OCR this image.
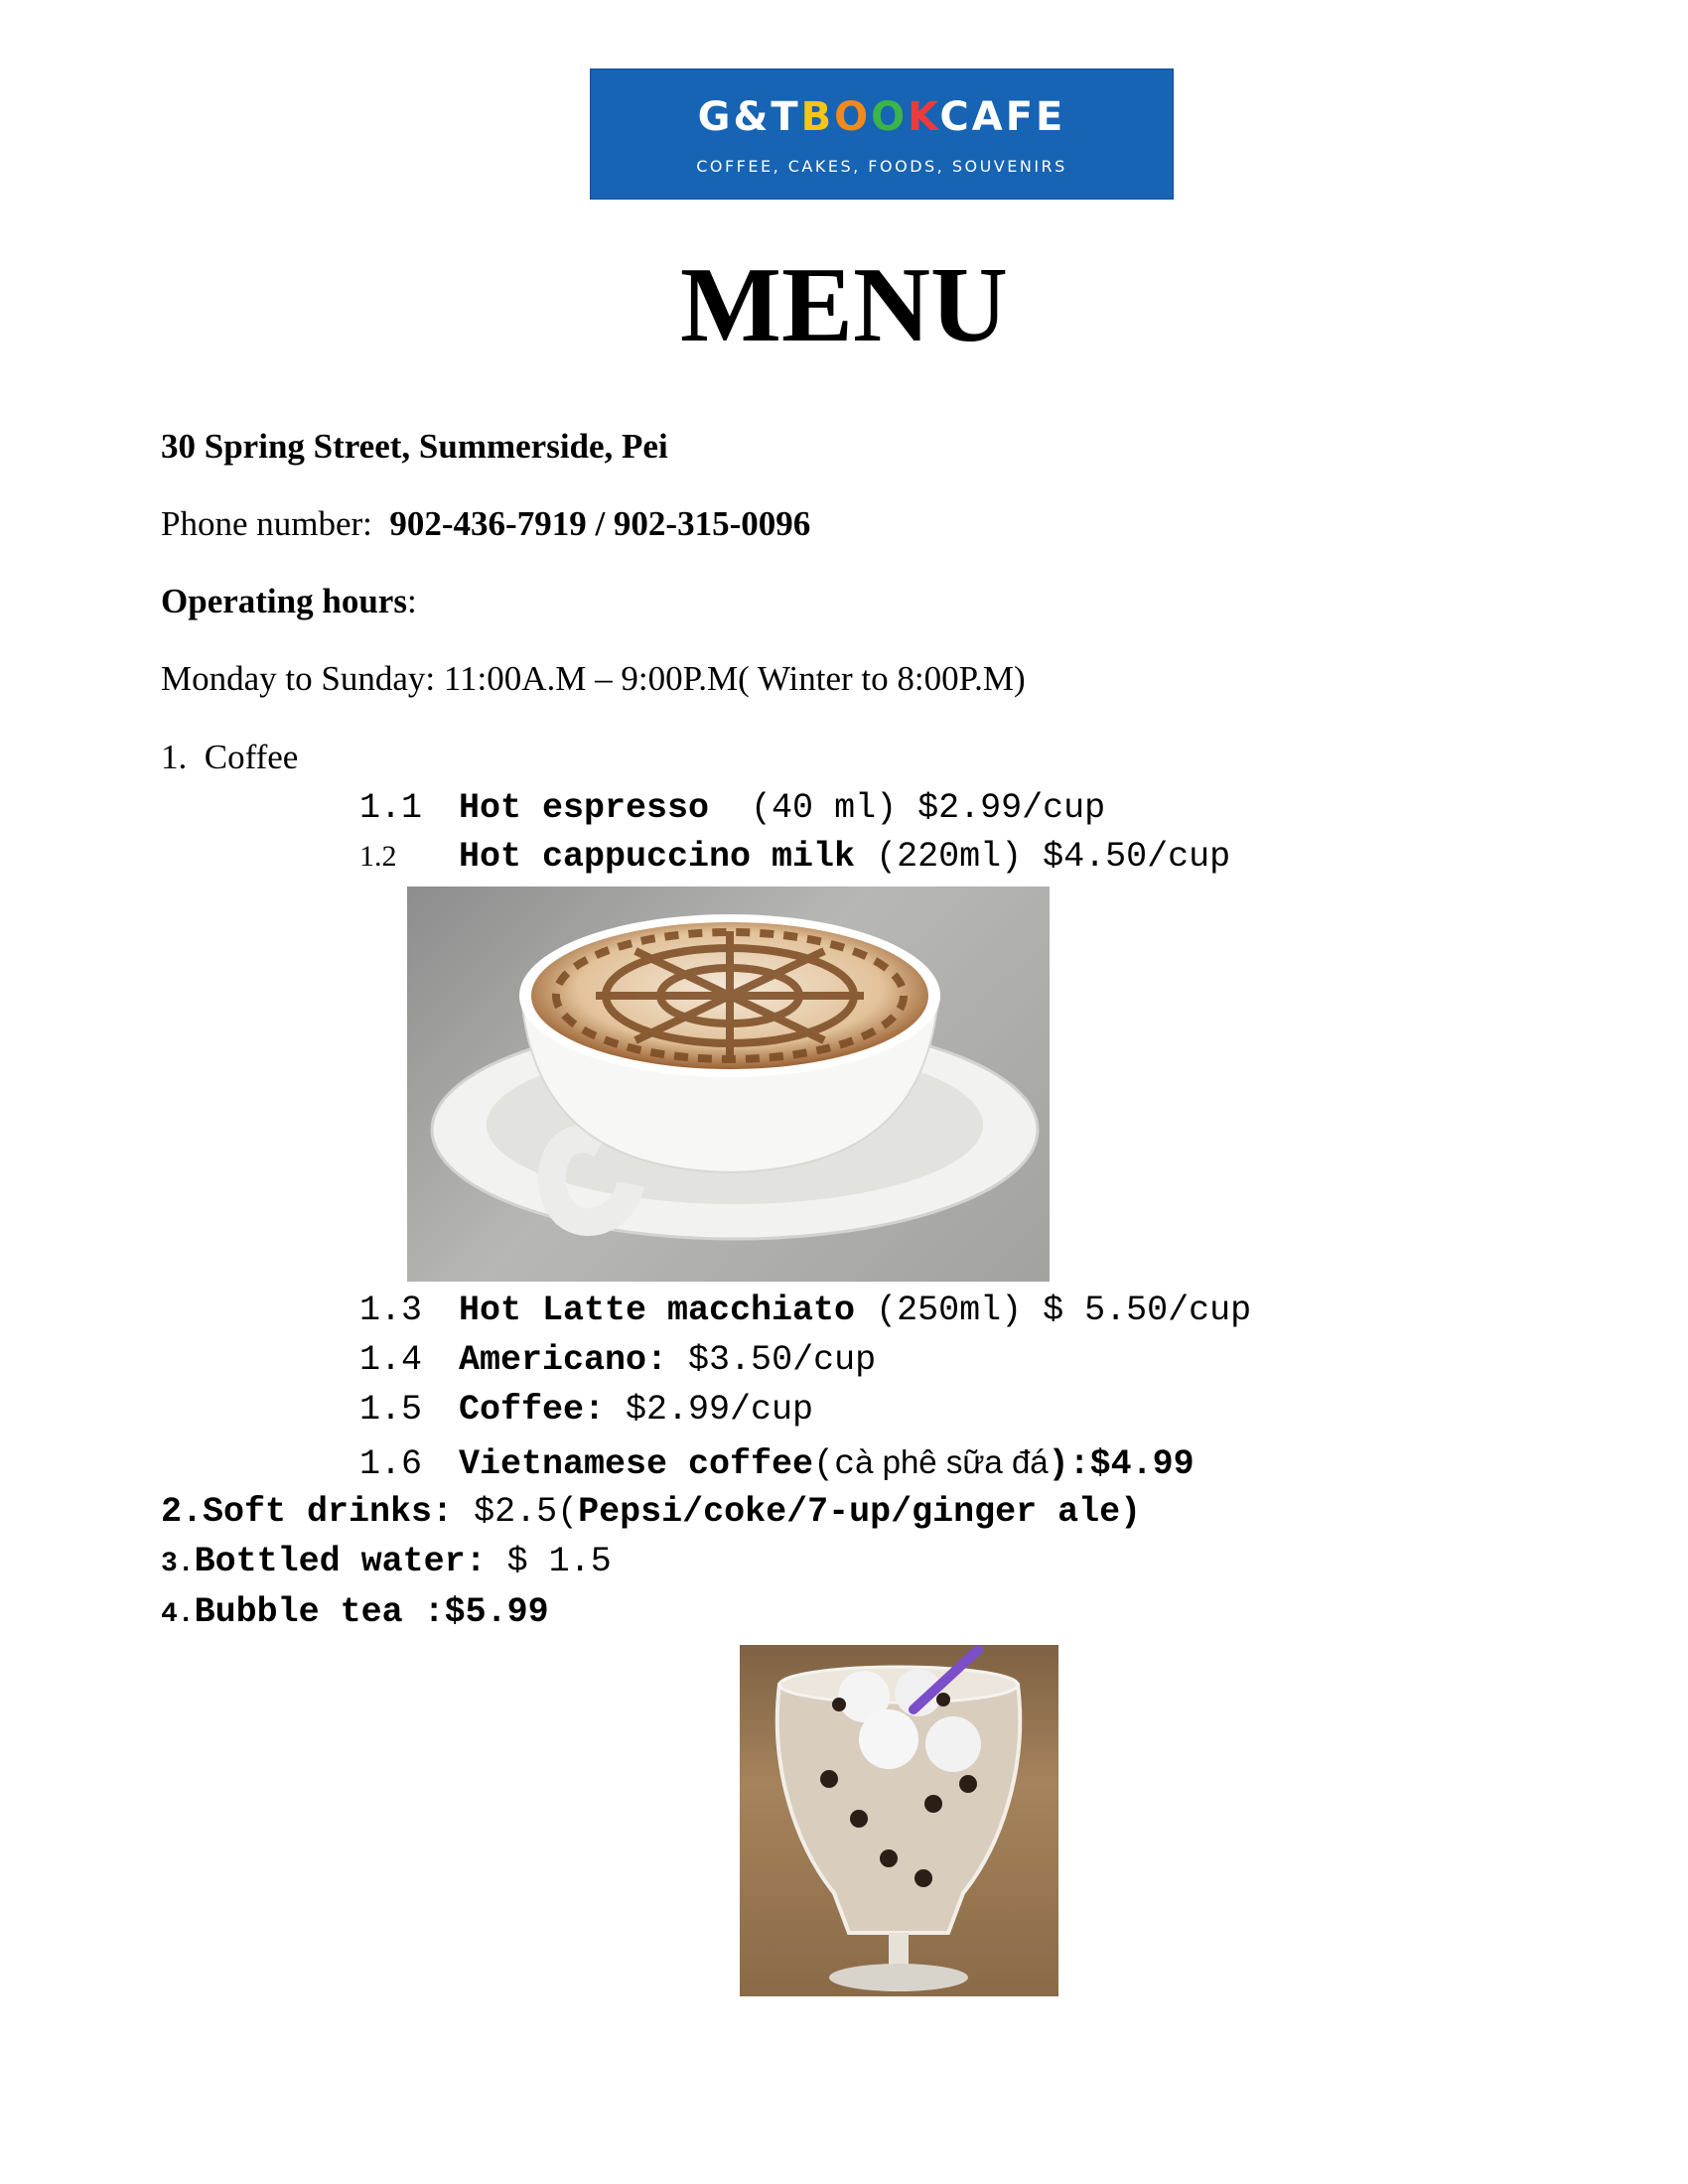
G&TBOOKCAFE
COFFEE, CAKES, FOODS, SOUVENIRS
MENU
30 Spring Street, Summerside, Pei
Phone number: 902-436-7919 / 902-315-0096
Operating hours:
Monday to Sunday: 11:00A.M – 9:00P.M( Winter to 8:00P.M)
1. Coffee
1.1 Hot espresso  (40 ml) $2.99/cup
1.2 Hot cappuccino milk (220ml) $4.50/cup
1.3 Hot Latte macchiato (250ml) $ 5.50/cup
1.4 Americano: $3.50/cup
1.5 Coffee: $2.99/cup
1.6 Vietnamese coffee(cà phê sữa đá):$4.99
2.Soft drinks: $2.5(Pepsi/coke/7-up/ginger ale)
3.Bottled water: $ 1.5
4.Bubble tea :$5.99
